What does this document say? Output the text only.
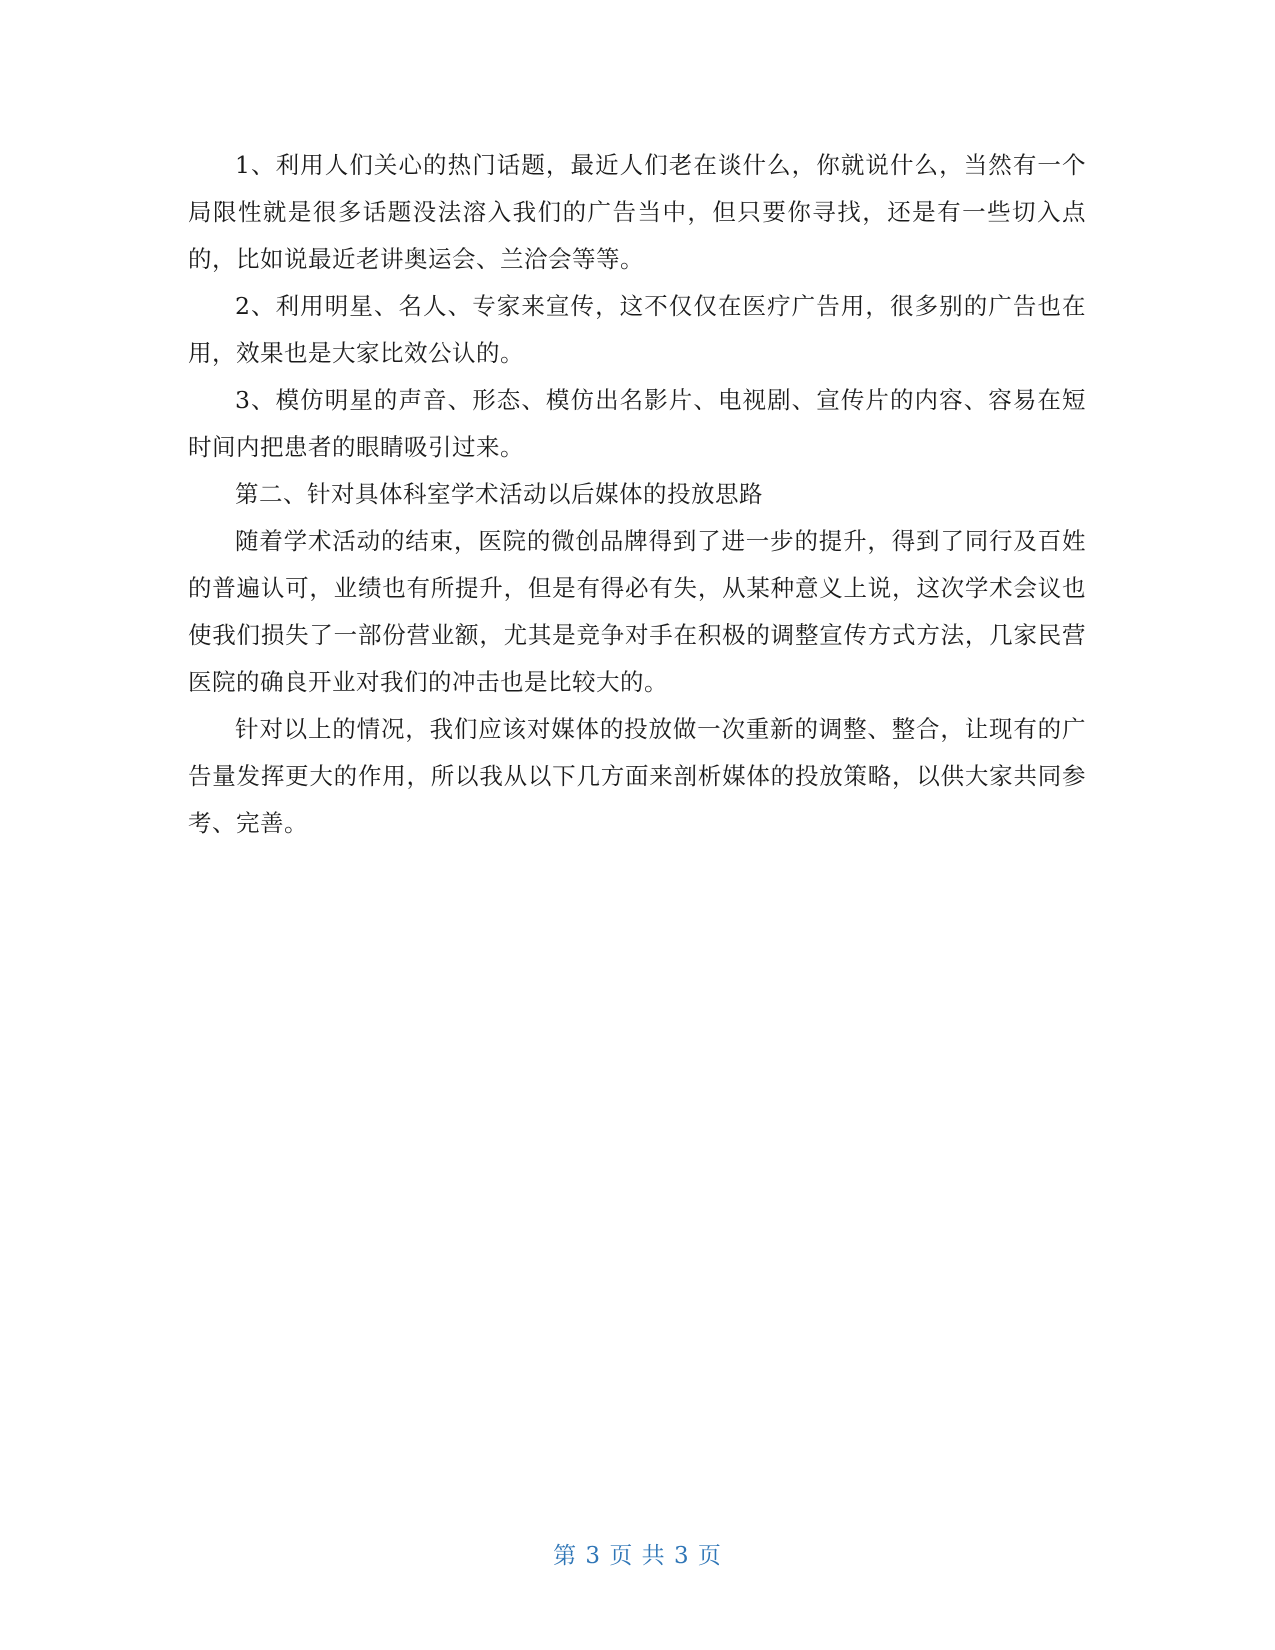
1、利用人们关心的热门话题，最近人们老在谈什么，你就说什么，当然有一个局限性就是很多话题没法溶入我们的广告当中，但只要你寻找，还是有一些切入点的，比如说最近老讲奥运会、兰洽会等等。

2、利用明星、名人、专家来宣传，这不仅仅在医疗广告用，很多别的广告也在用，效果也是大家比效公认的。

3、模仿明星的声音、形态、模仿出名影片、电视剧、宣传片的内容、容易在短时间内把患者的眼睛吸引过来。

第二、针对具体科室学术活动以后媒体的投放思路

随着学术活动的结束，医院的微创品牌得到了进一步的提升，得到了同行及百姓的普遍认可，业绩也有所提升，但是有得必有失，从某种意义上说，这次学术会议也使我们损失了一部份营业额，尤其是竞争对手在积极的调整宣传方式方法，几家民营医院的确良开业对我们的冲击也是比较大的。

针对以上的情况，我们应该对媒体的投放做一次重新的调整、整合，让现有的广告量发挥更大的作用，所以我从以下几方面来剖析媒体的投放策略，以供大家共同参考、完善。

第 3 页 共 3 页
